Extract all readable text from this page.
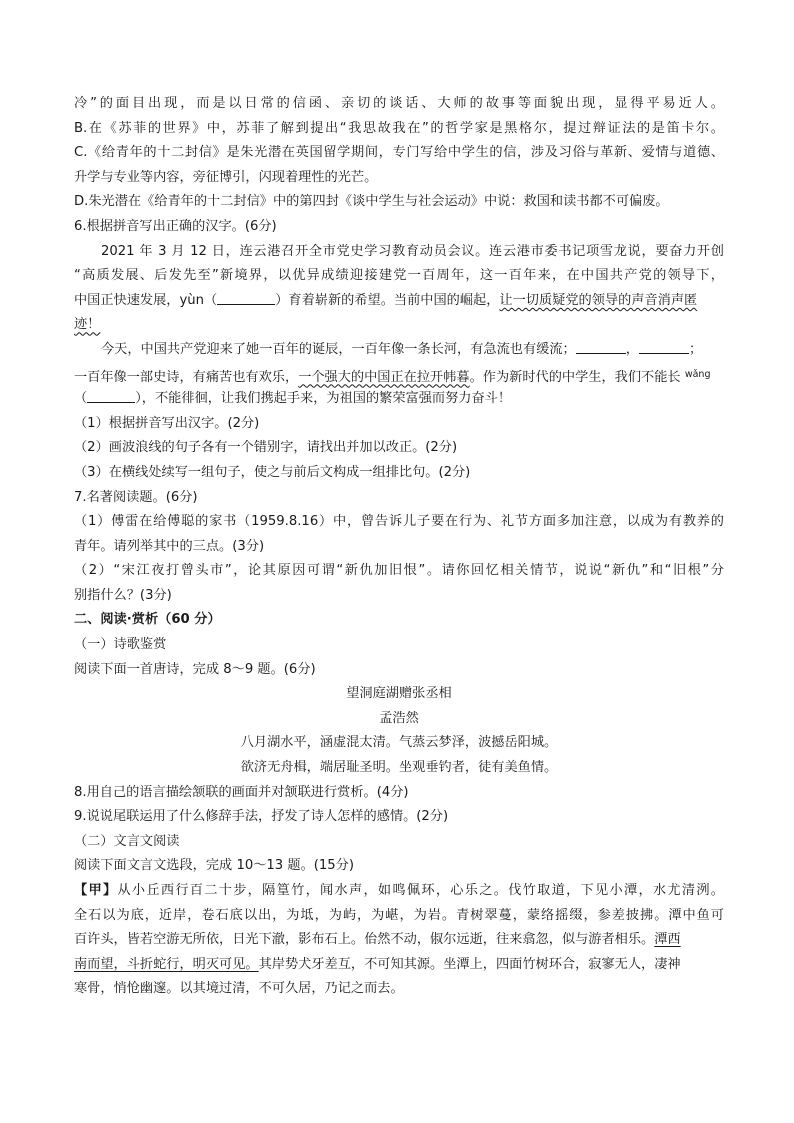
冷”的面目出现，而是以日常的信函、亲切的谈话、大师的故事等面貌出现，显得平易近人。
B.在《苏菲的世界》中，苏菲了解到提出“我思故我在”的哲学家是黑格尔，提过辩证法的是笛卡尔。
C.《给青年的十二封信》是朱光潜在英国留学期间，专门写给中学生的信，涉及习俗与革新、爱情与道德、
升学与专业等内容，旁征博引，闪现着理性的光芒。
D.朱光潜在《给青年的十二封信》中的第四封《谈中学生与社会运动》中说：救国和读书都不可偏废。
6.根据拼音写出正确的汉字。(6分)
2021 年 3 月 12 日，连云港召开全市党史学习教育动员会议。连云港市委书记项雪龙说，要奋力开创
“高质发展、后发先至”新境界，以优异成绩迎接建党一百周年，这一百年来，在中国共产党的领导下，
中国正快速发展，yùn（	）育着崭新的希望。当前中国的崛起，让一切质疑党的领导的声音消声匿
迹！
今天，中国共产党迎来了她一百年的诞辰，一百年像一条长河，有急流也有缓流；	，	；
一百年像一部史诗，有痛苦也有欢乐，一个强大的中国正在拉开帏暮。作为新时代的中学生，我们不能长 $^{wǎng}$
（	），不能徘徊，让我们携起手来，为祖国的繁荣富强而努力奋斗！
（1）根据拼音写出汉字。(2分)
（2）画波浪线的句子各有一个错别字，请找出并加以改正。(2分)
（3）在横线处续写一组句子，使之与前后文构成一组排比句。(2分)
7.名著阅读题。(6分)
（1）傅雷在给傅聪的家书（1959.8.16）中，曾告诉儿子要在行为、礼节方面多加注意，以成为有教养的
青年。请列举其中的三点。(3分)
（2）“宋江夜打曾头市”，论其原因可谓“新仇加旧恨”。请你回忆相关情节，说说“新仇”和“旧根”分
别指什么？(3分)
二、阅读·赏析（60 分）
（一）诗歌鉴赏
阅读下面一首唐诗，完成 8～9 题。(6分)
望洞庭湖赠张丞相
孟浩然
八月湖水平，涵虚混太清。气蒸云梦泽，波撼岳阳城。
欲济无舟楫，端居耻圣明。坐观垂钓者，徒有美鱼情。
8.用自己的语言描绘颔联的画面并对颔联进行赏析。(4分)
9.说说尾联运用了什么修辞手法，抒发了诗人怎样的感情。(2分)
（二）文言文阅读
阅读下面文言文选段，完成 10～13 题。(15分)
【甲】从小丘西行百二十步，隔篁竹，闻水声，如鸣佩环，心乐之。伐竹取道，下见小潭，水尤清洌。
全石以为底，近岸，卷石底以出，为坻，为屿，为嵁，为岩。青树翠蔓，蒙络摇缀，参差披拂。潭中鱼可
百许头，皆若空游无所依，日光下澈，影布石上。佁然不动，俶尔远逝，往来翕忽，似与游者相乐。潭西
南而望，斗折蛇行，明灭可见。其岸势犬牙差互，不可知其源。坐潭上，四面竹树环合，寂寥无人，凄神
寒骨，悄怆幽邃。以其境过清，不可久居，乃记之而去。
